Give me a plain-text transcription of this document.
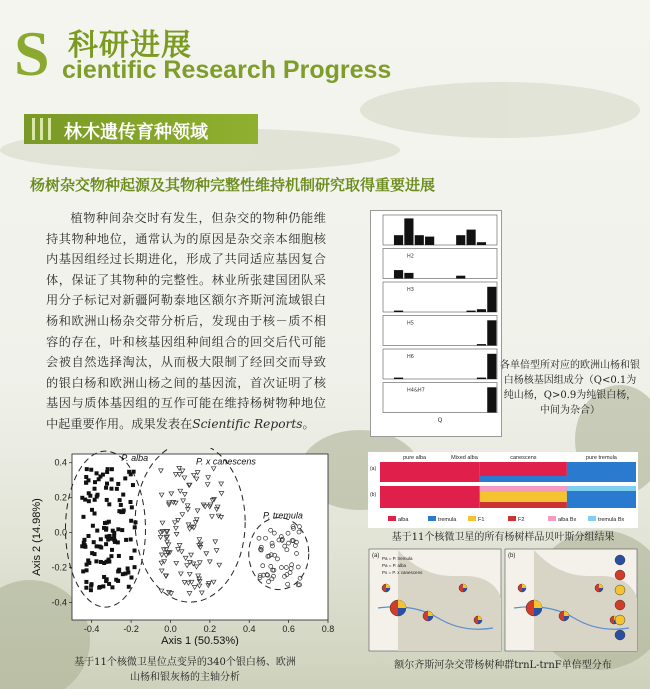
S 科研进展
cientific Research Progress
林木遗传育种领域
杨树杂交物种起源及其物种完整性维持机制研究取得重要进展

植物种间杂交时有发生，但杂交的物种仍能维持其物种地位，通常认为的原因是杂交亲本细胞核内基因组经过长期进化，形成了共同适应基因复合体，保证了其物种的完整性。林业所张建国团队采用分子标记对新疆阿勒泰地区额尔齐斯河流域银白杨和欧洲山杨杂交带分析后，发现由于核－质不相容的存在，叶和核基因组种间组合的回交后代可能会被自然选择淘汰，从而极大限制了经回交而导致的银白杨和欧洲山杨之间的基因流，首次证明了核基因与质体基因组的互作可能在维持杨树物种地位中起重要作用。成果发表在Scientific Reports。

H2
H3
H5
H6
H4&H7
Q
各单倍型所对应的欧洲山杨和银白杨核基因组成分（Q<0.1为纯山杨，Q>0.9为纯银白杨，中间为杂合）
-0.4	-0.2	0.0	0.2	0.4	0.6	0.8
0.4
0.2
0.0
-0.2
-0.4
Axis 1 (50.53%)
Axis 2 (14.98%)
P. alba	P. x canescens
P. tremula
基于11个核微卫星位点变异的340个银白杨、欧洲山杨和银灰杨的主轴分析
pure alba	Mixed alba	canescens	pure tremula
(a)
(b)
alba	tremula	F1	F2	alba Bx	tremula Bx
基于11个核微卫星的所有杨树样品贝叶斯分组结果
(a)	(b)
Pa = P. tremula
Pa = P. alba
Px = P. x canescens
额尔齐斯河杂交带杨树种群trnL-trnF单倍型分布
